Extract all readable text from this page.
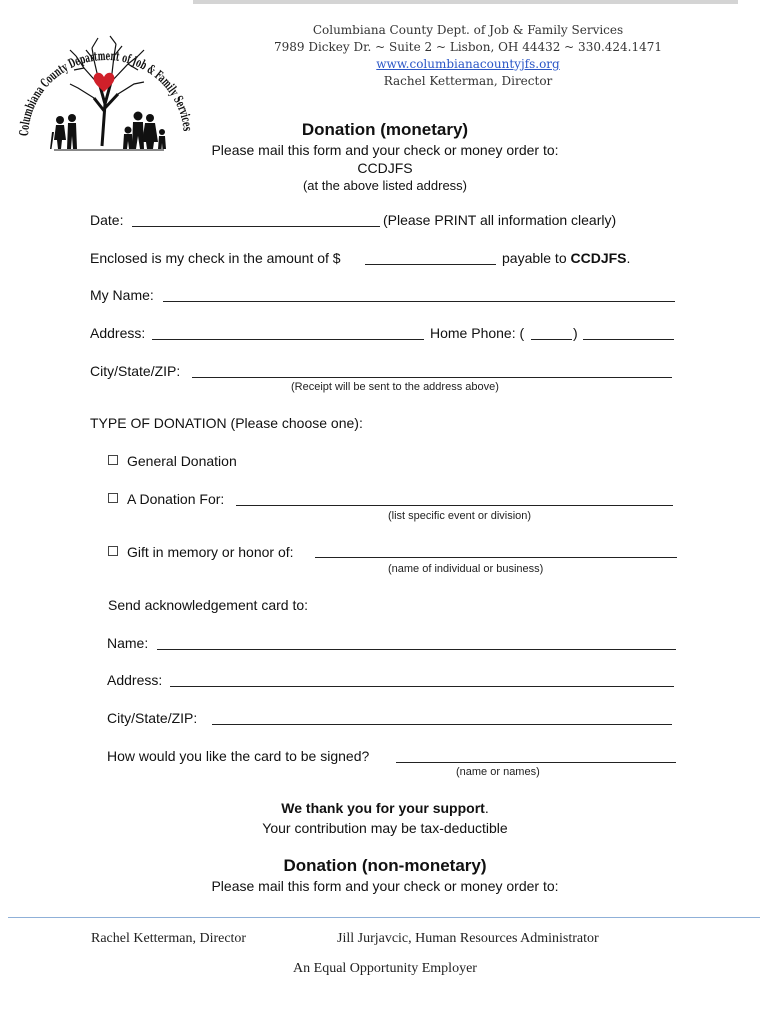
Columbiana County Department of Job & Family Services
Columbiana County Dept. of Job & Family Services
7989 Dickey Dr. ~ Suite 2 ~ Lisbon, OH 44432 ~ 330.424.1471
www.columbianacountyjfs.org
Rachel Ketterman, Director
Donation (monetary)
Please mail this form and your check or money order to:
CCDJFS
(at the above listed address)
Date:	(Please PRINT all information clearly)
Enclosed is my check in the amount of $	payable to CCDJFS.
My Name:
Address:	Home Phone: (	)
City/State/ZIP:
(Receipt will be sent to the address above)
TYPE OF DONATION (Please choose one):
General Donation
A Donation For:
(list specific event or division)
Gift in memory or honor of:
(name of individual or business)
Send acknowledgement card to:
Name:
Address:
City/State/ZIP:
How would you like the card to be signed?
(name or names)
We thank you for your support.
Your contribution may be tax-deductible
Donation (non-monetary)
Please mail this form and your check or money order to:
Rachel Ketterman, Director	Jill Jurjavcic, Human Resources Administrator
An Equal Opportunity Employer
